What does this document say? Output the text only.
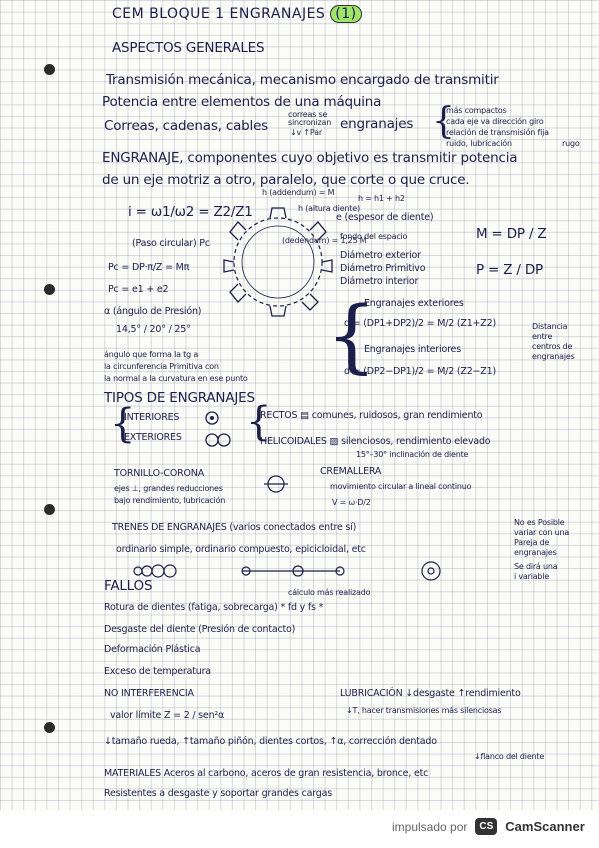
CEM BLOQUE 1 ENGRANAJES (1)
ASPECTOS GENERALES
Transmisión mecánica, mecanismo encargado de transmitir
Potencia entre elementos de una máquina
Correas, cadenas, cables
correas se
sincronizan
↓v ↑Par
engranajes {
más compactos
cada eje va dirección giro
relación de transmisión fija
ruido, lubricación	rugo
ENGRANAJE, componentes cuyo objetivo es transmitir potencia
de un eje motriz a otro, paralelo, que corte o que cruce.
i = ω1/ω2 = Z2/Z1
(Paso circular) Pc
Pc = DP·π/Z = Mπ
Pc = e1 + e2
α (ángulo de Presión)
14,5° / 20° / 25°
ángulo que forma la tg a
la circunferencia Primitiva con
la normal a la curvatura en ese punto
h (addendum) = M
h = h1 + h2
h (altura diente)
e (espesor de diente)
(dedendum) = 1,25 M
fondo del espacio
Diámetro exterior
Diámetro Primitivo
Diámetro interior
M = DP / Z
P = Z / DP
{
Engranajes exteriores
d = (DP1+DP2)/2 = M/2 (Z1+Z2)
Engranajes interiores
d = (DP2−DP1)/2 = M/2 (Z2−Z1)
Distancia
entre
centros de
engranajes
TIPOS DE ENGRANAJES
{
INTERIORES
EXTERIORES {
RECTOS ▤ comunes, ruidosos, gran rendimiento
HELICOIDALES ▨ silenciosos, rendimiento elevado
15°–30° inclinación de diente
TORNILLO-CORONA
ejes ⊥, grandes reducciones
bajo rendimiento, lubricación
CREMALLERA
movimiento circular a lineal continuo
V = ω·D/2
TRENES DE ENGRANAJES (varios conectados entre sí)
ordinario simple, ordinario compuesto, epicicloidal, etc
No es Posible
variar con una
Pareja de
engranajes
Se dirá una
i variable
FALLOS	cálculo más realizado
Rotura de dientes (fatiga, sobrecarga) * fd y fs *
Desgaste del diente (Presión de contacto)
Deformación Plástica
Exceso de temperatura
NO INTERFERENCIA
valor límite Z = 2 / sen²α
LUBRICACIÓN ↓desgaste ↑rendimiento
↓T, hacer transmisiones más silenciosas
↓tamaño rueda, ↑tamaño piñón, dientes cortos, ↑α, corrección dentado
↓flanco del diente
MATERIALES Aceros al carbono, aceros de gran resistencia, bronce, etc
Resistentes a desgaste y soportar grandes cargas
impulsado por	CS CamScanner
